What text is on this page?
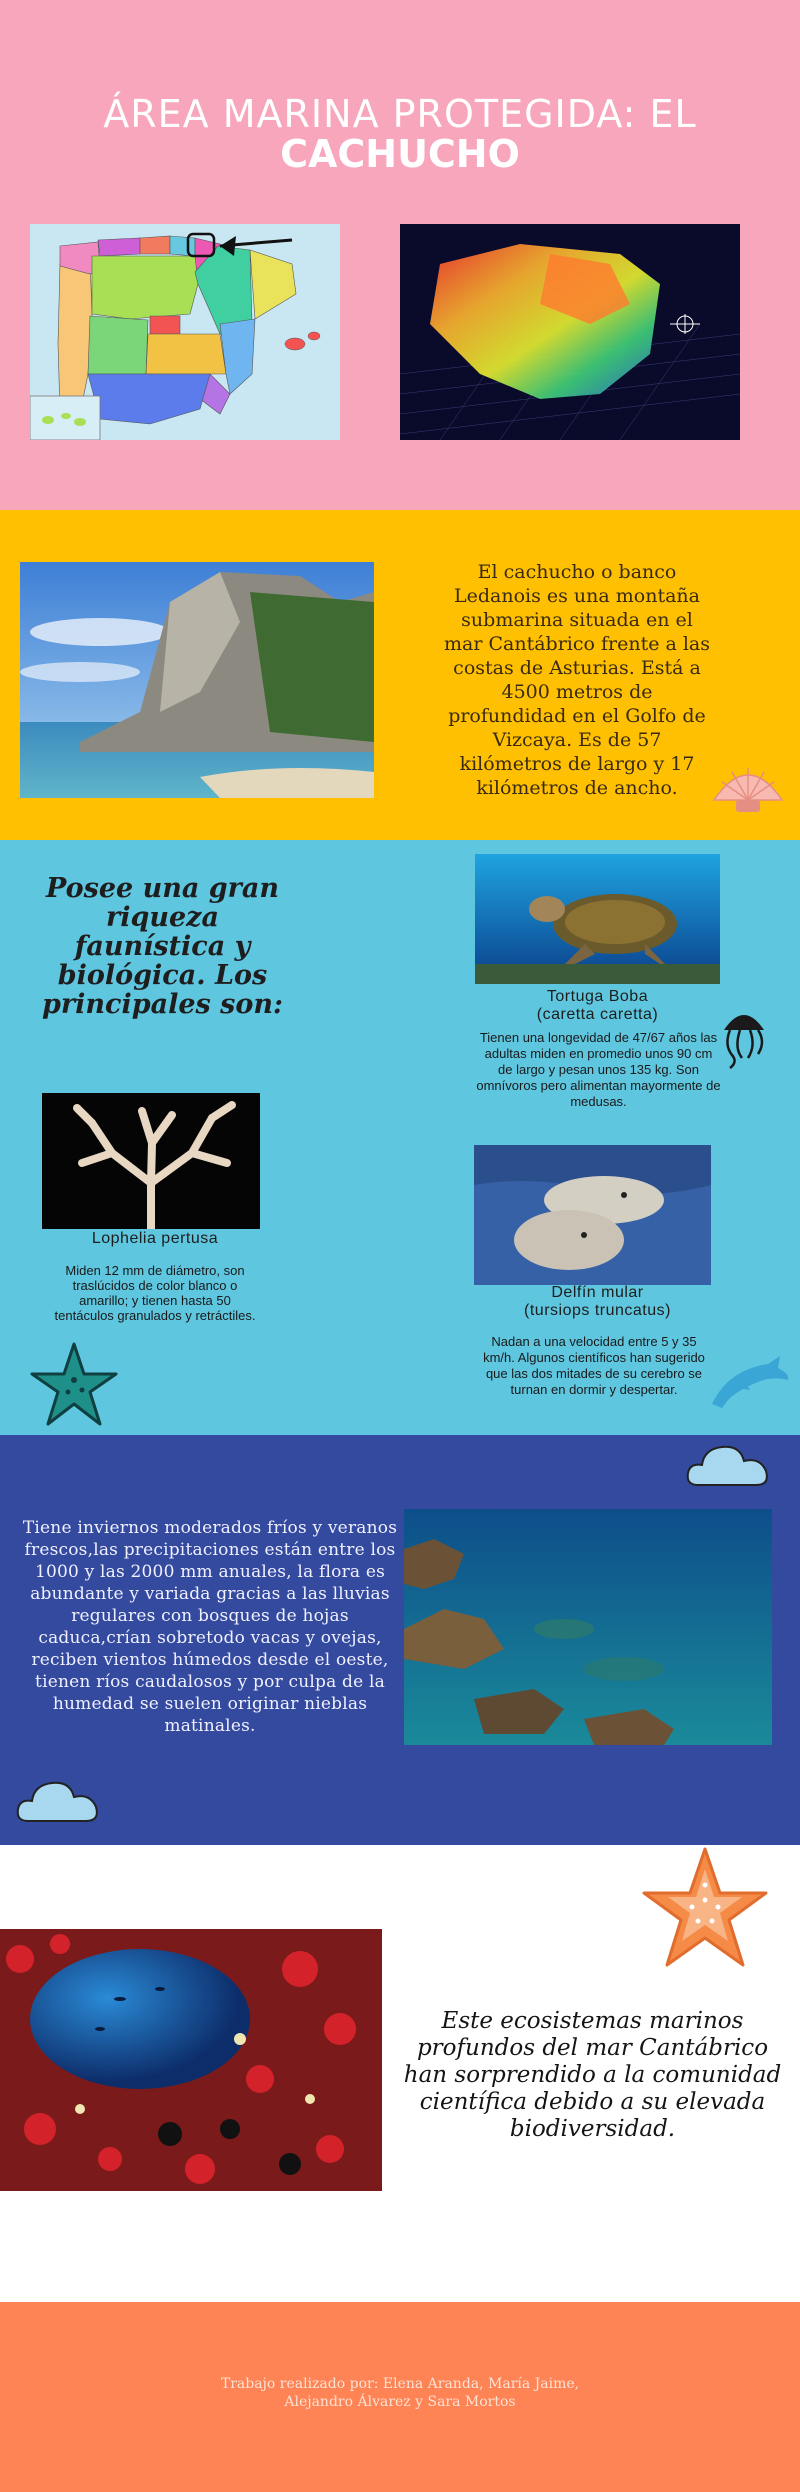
ÁREA MARINA PROTEGIDA: EL
CACHUCHO
El cachucho o banco Ledanois es una montaña submarina situada en el mar Cantábrico frente a las costas de Asturias. Está a 4500 metros de profundidad en el Golfo de Vizcaya. Es de 57 kilómetros de largo y 17 kilómetros de ancho.
Posee una gran riqueza faunística y biológica. Los principales son:	Tortuga Boba
(caretta caretta)
Tienen una longevidad de 47/67 años las adultas miden en promedio unos 90 cm de largo y pesan unos 135 kg. Son omnívoros pero alimentan mayormente de medusas.
Lophelia pertusa
Miden 12 mm de diámetro, son traslúcidos de color blanco o amarillo; y tienen hasta 50 tentáculos granulados y retráctiles.
Delfín mular
(tursiops truncatus)
Nadan a una velocidad entre 5 y 35 km/h. Algunos científicos han sugerido que las dos mitades de su cerebro se turnan en dormir y despertar.
Tiene inviernos moderados fríos y veranos frescos,las precipitaciones están entre los 1000 y las 2000 mm anuales, la flora es abundante y variada gracias a las lluvias regulares con bosques de hojas caduca,crían sobretodo vacas y ovejas, reciben vientos húmedos desde el oeste, tienen ríos caudalosos y por culpa de la humedad se suelen originar nieblas matinales.
Este ecosistemas marinos profundos del mar Cantábrico han sorprendido a la comunidad científica debido a su elevada biodiversidad.
Trabajo realizado por: Elena Aranda, María Jaime,
Alejandro Álvarez y Sara Mortos
